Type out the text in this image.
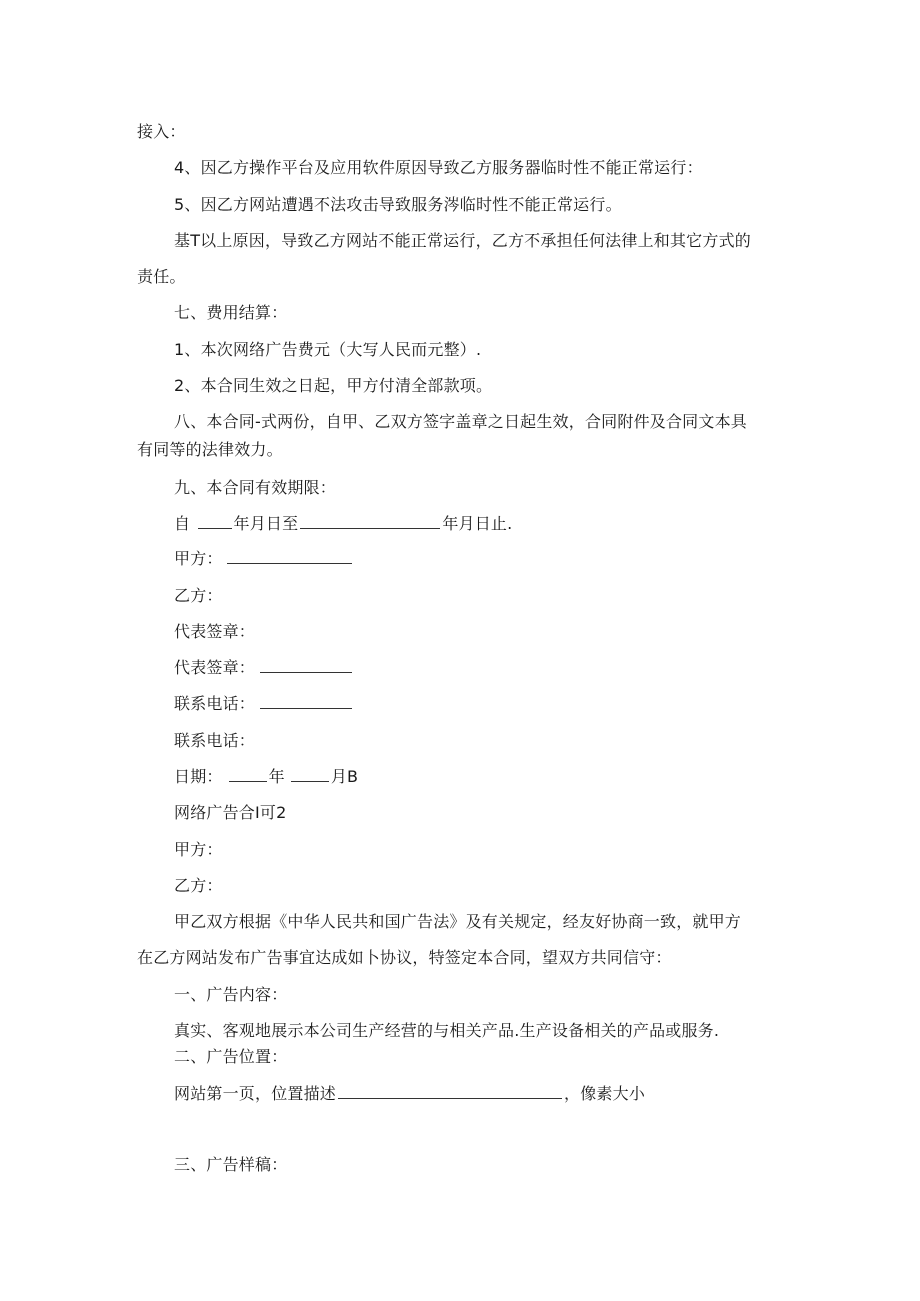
接入：
4、因乙方操作平台及应用软件原因导致乙方服务器临时性不能正常运行：
5、因乙方网站遭遇不法攻击导致服务涔临时性不能正常运行。
基T以上原因，导致乙方网站不能正常运行，乙方不承担任何法律上和其它方式的
责任。
七、费用结算：
1、本次网络广告费元（大写人民而元整）.
2、本合同生效之日起，甲方付清全部款项。
八、本合同-式两份，自甲、乙双方签字盖章之日起生效，合同附件及合同文本具
有同等的法律效力。
九、本合同有效期限：
自	年月日至	年月日止.
甲方：
乙方：
代表签章：
代表签章：
联系电话：
联系电话：
日期：	年	月B
网络广告合I可2
甲方：
乙方：
甲乙双方根据《中华人民共和国广告法》及有关规定，经友好协商一致，就甲方
在乙方网站发布广告事宜达成如卜协议，特签定本合同，望双方共同信守：
一、广告内容：
真实、客观地展示本公司生产经营的与相关产品.生产设备相关的产品或服务.
二、广告位置：
网站第一页，位置描述	，像素大小
三、广告样稿：
